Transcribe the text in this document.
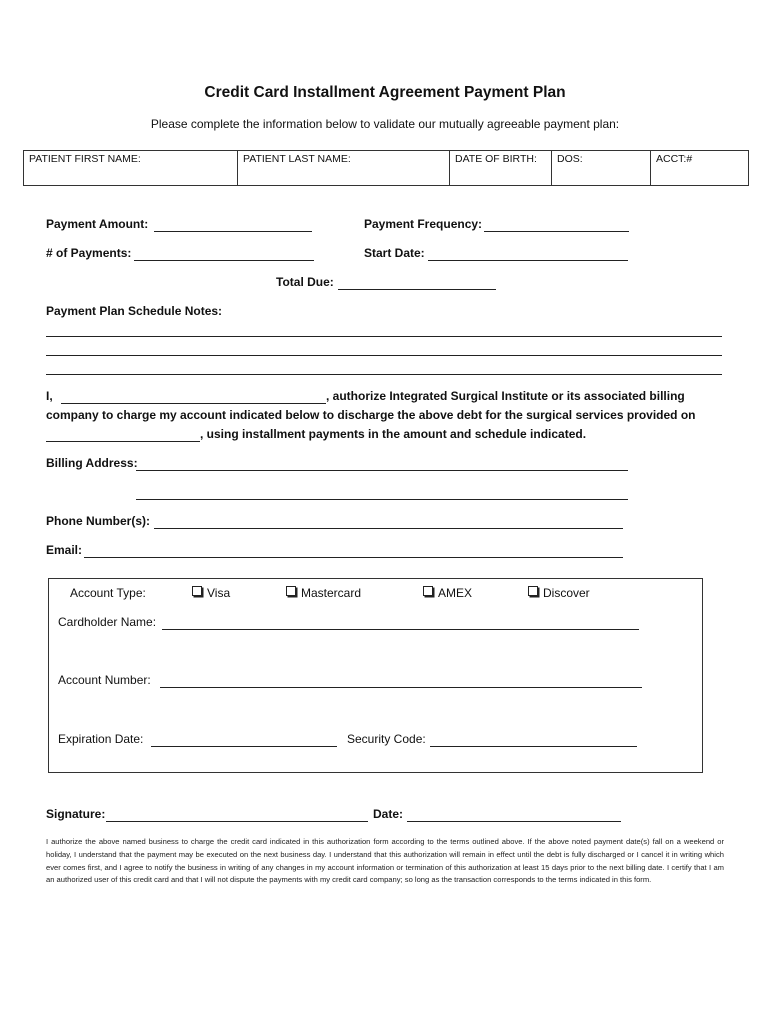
Credit Card Installment Agreement Payment Plan
Please complete the information below to validate our mutually agreeable payment plan:
PATIENT FIRST NAME:	PATIENT LAST NAME:	DATE OF BIRTH:	DOS:	ACCT:#
Payment Amount:	Payment Frequency:
# of Payments:	Start Date:
Total Due:
Payment Plan Schedule Notes:
I,	, authorize Integrated Surgical Institute or its associated billing
company to charge my account indicated below to discharge the above debt for the surgical services provided on
, using installment payments in the amount and schedule indicated.
Billing Address:
Phone Number(s):
Email:
Account Type:	Visa	Mastercard	AMEX	Discover
Cardholder Name:
Account Number:
Expiration Date:	Security Code:
Signature:	Date:
I authorize the above named business to charge the credit card indicated in this authorization form according to the terms outlined above. If the above noted payment date(s) fall on a weekend or holiday, I understand that the payment may be executed on the next business day. I understand that this authorization will remain in effect until the debt is fully discharged or I cancel it in writing which ever comes first, and I agree to notify the business in writing of any changes in my account information or termination of this authorization at least 15 days prior to the next billing date. I certify that I am an authorized user of this credit card and that I will not dispute the payments with my credit card company; so long as the transaction corresponds to the terms indicated in this form.
